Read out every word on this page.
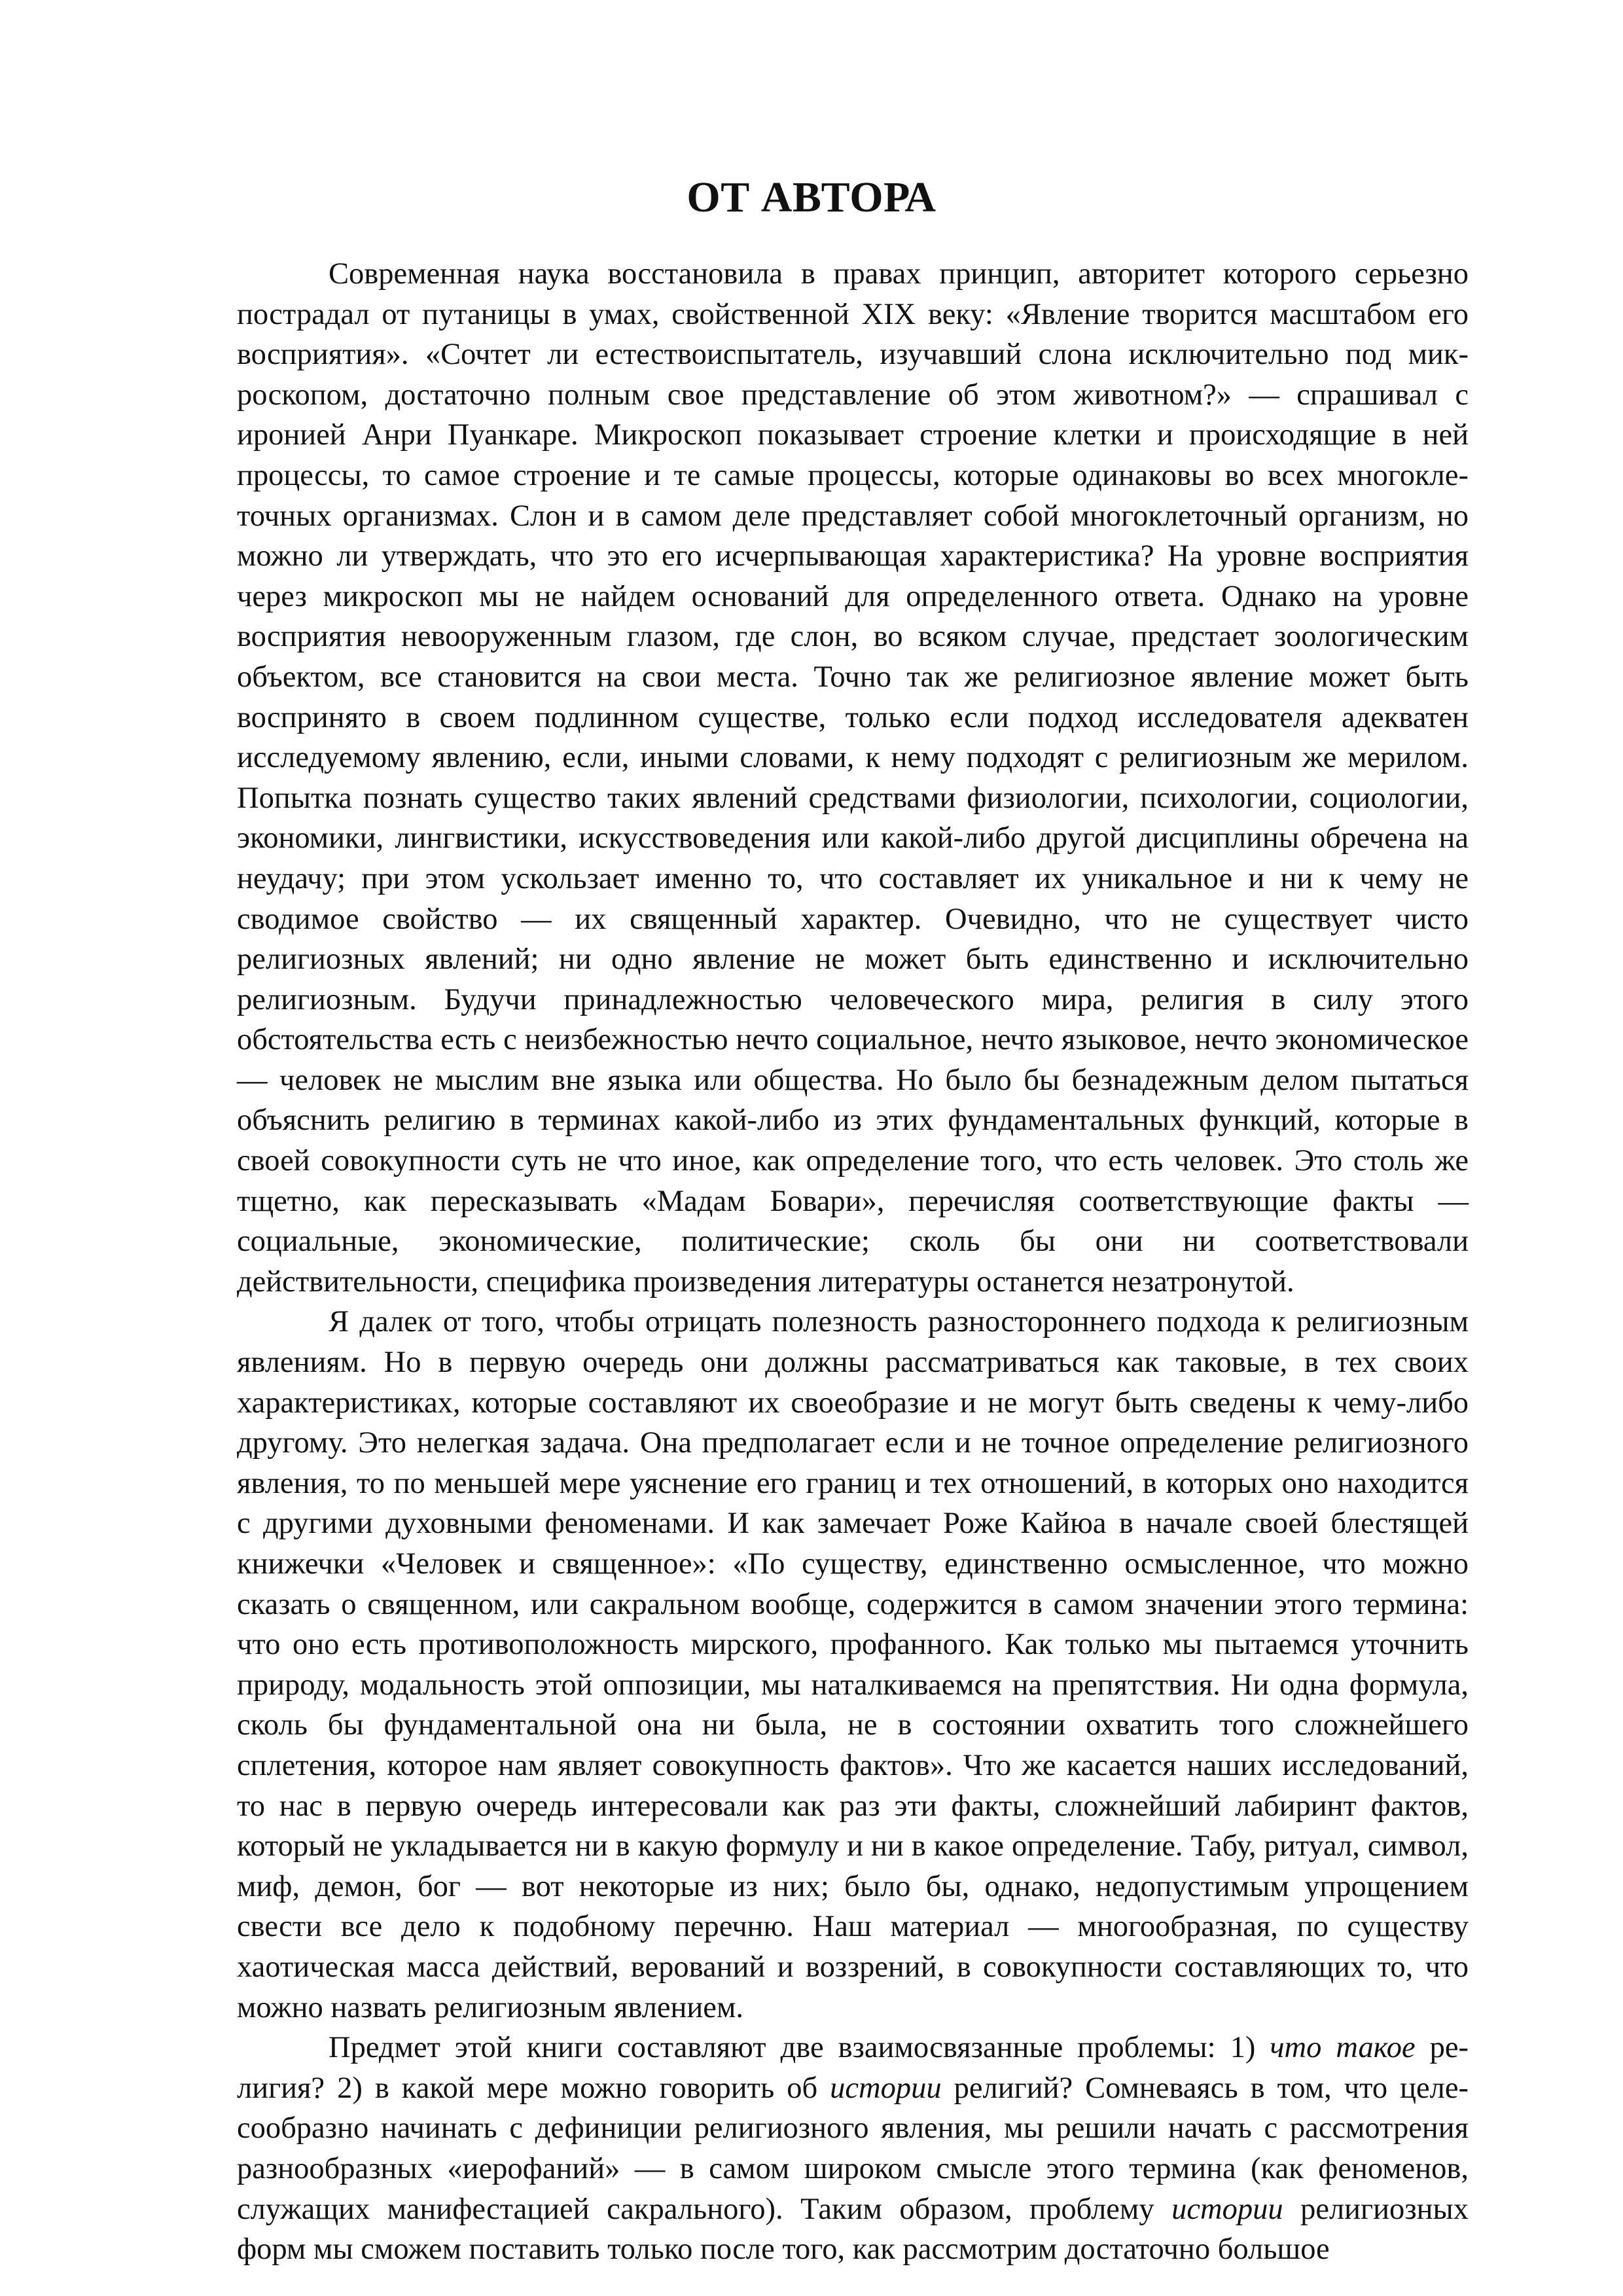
ОТ АВТОРА

Современная наука восстановила в правах принцип, авторитет которого серьезно пострадал от путаницы в умах, свойственной XIX веку: «Явление творится масштабом его восприятия». «Сочтет ли естествоиспытатель, изучавший слона исключительно под микроскопом, достаточно полным свое представление об этом животном?» — спрашивал с иронией Анри Пуанкаре. Микроскоп показывает строение клетки и происходящие в ней процессы, то самое строение и те самые процессы, которые одинаковы во всех многоклеточных организмах. Слон и в самом деле представляет собой многоклеточный организм, но можно ли утверждать, что это его исчерпывающая характеристика? На уровне восприятия через микроскоп мы не найдем оснований для определенного ответа. Однако на уровне восприятия невооруженным глазом, где слон, во всяком случае, предстает зоологическим объектом, все становится на свои места. Точно так же религиозное явление может быть воспринято в своем подлинном существе, только если подход исследователя адекватен исследуемому явлению, если, иными словами, к нему подходят с религиозным же мерилом. Попытка познать существо таких явлений средствами физиологии, психологии, социологии, экономики, лингвистики, искусствоведения или какой-либо другой дисциплины обречена на неудачу; при этом ускользает именно то, что составляет их уникальное и ни к чему не сводимое свойство — их священный характер. Очевидно, что не существует чисто религиозных явлений; ни одно явление не может быть единственно и исключительно религиозным. Будучи принадлежностью человеческого мира, религия в силу этого обстоятельства есть с неизбежностью нечто социальное, нечто языковое, нечто экономическое — человек не мыслим вне языка или общества. Но было бы безнадежным делом пытаться объяснить религию в терминах какой-либо из этих фундаментальных функций, которые в своей совокупности суть не что иное, как определение того, что есть человек. Это столь же тщетно, как пересказывать «Мадам Бовари», перечисляя соответствующие факты — социальные, экономические, политические; сколь бы они ни соответствовали действительности, специфика произведения литературы останется незатронутой.

Я далек от того, чтобы отрицать полезность разностороннего подхода к религиозным явлениям. Но в первую очередь они должны рассматриваться как таковые, в тех своих характеристиках, которые составляют их своеобразие и не могут быть сведены к чему-либо другому. Это нелегкая задача. Она предполагает если и не точное определение религиозного явления, то по меньшей мере уяснение его границ и тех отношений, в которых оно находится с другими духовными феноменами. И как замечает Роже Кайюа в начале своей блестящей книжечки «Человек и священное»: «По существу, единственно осмысленное, что можно сказать о священном, или сакральном вообще, содержится в самом значении этого термина: что оно есть противоположность мирского, профанного. Как только мы пытаемся уточнить природу, модальность этой оппозиции, мы наталкиваемся на препятствия. Ни одна формула, сколь бы фундаментальной она ни была, не в состоянии охватить того сложнейшего сплетения, которое нам являет совокупность фактов». Что же касается наших исследований, то нас в первую очередь интересовали как раз эти факты, сложнейший лабиринт фактов, который не укладывается ни в какую формулу и ни в какое определение. Табу, ритуал, символ, миф, демон, бог — вот некоторые из них; было бы, однако, недопустимым упрощением свести все дело к подобному перечню. Наш материал — многообразная, по существу хаотическая масса действий, верований и воззрений, в совокупности составляющих то, что можно назвать религиозным явлением.

Предмет этой книги составляют две взаимосвязанные проблемы: 1) что такое религия? 2) в какой мере можно говорить об истории религий? Сомневаясь в том, что целесообразно начинать с дефиниции религиозного явления, мы решили начать с рассмотрения разнообразных «иерофаний» — в самом широком смысле этого термина (как феноменов, служащих манифестацией сакрального). Таким образом, проблему истории религиозных форм мы сможем поставить только после того, как рассмотрим достаточно большое
